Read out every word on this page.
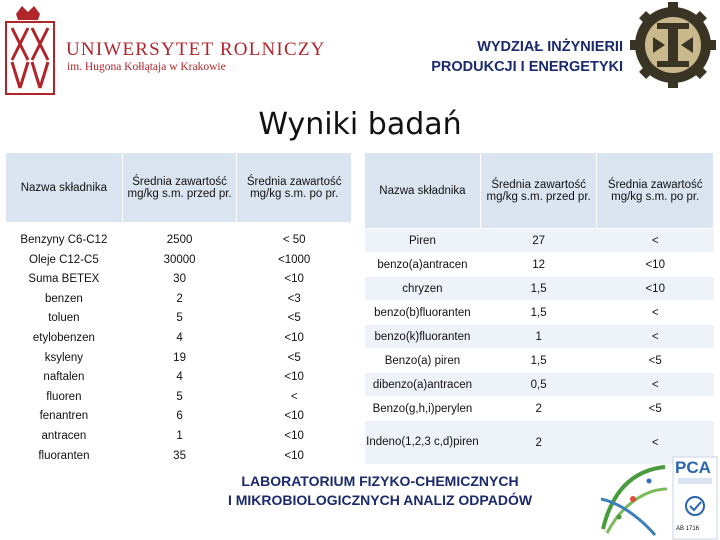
UNIWERSYTET ROLNICZY
im. Hugona Kołłątaja w Krakowie
WYDZIAŁ INŻYNIERII
PRODUKCJI I ENERGETYKI
Wyniki badań
Nazwa składnika	Średnia zawartość mg/kg s.m. przed pr.	Średnia zawartość mg/kg s.m. po pr.
Benzyny C6-C12	2500	< 50
Oleje C12-C5	30000	<1000
Suma BETEX	30	<10
benzen	2	<3
toluen	5	<5
etylobenzen	4	<10
ksyleny	19	<5
naftalen	4	<10
fluoren	5	<
fenantren	6	<10
antracen	1	<10
fluoranten	35	<10
Nazwa składnika	Średnia zawartość mg/kg s.m. przed pr.	Średnia zawartość mg/kg s.m. po pr.
Piren	27	<
benzo(a)antracen	12	<10
chryzen	1,5	<10
benzo(b)fluoranten	1,5	<
benzo(k)fluoranten	1	<
Benzo(a) piren	1,5	<5
dibenzo(a)antracen	0,5	<
Benzo(g,h,i)perylen	2	<5
Indeno(1,2,3 c,d)piren	2	<
LABORATORIUM FIZYKO-CHEMICZNYCH
I MIKROBIOLOGICZNYCH ANALIZ ODPADÓW
PCA
AB 1716
